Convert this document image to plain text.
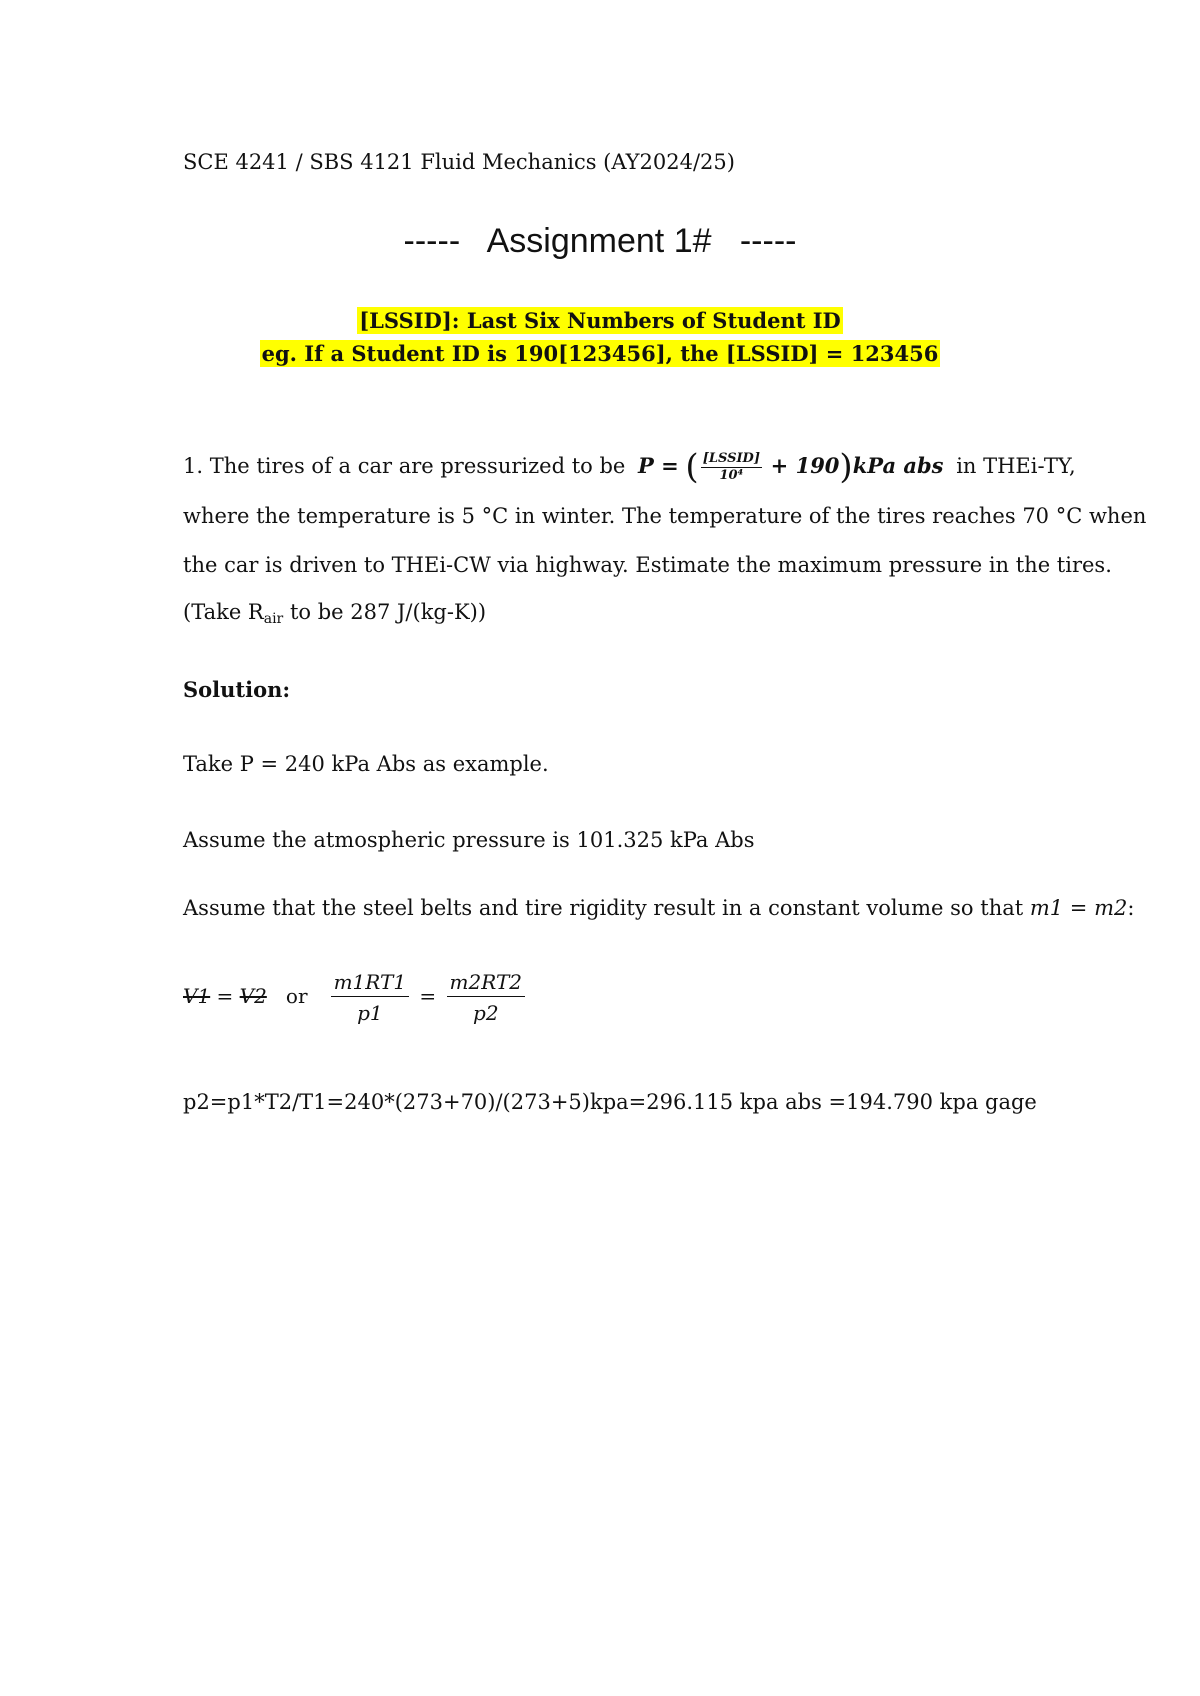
SCE 4241 / SBS 4121 Fluid Mechanics (AY2024/25)
-----   Assignment 1#   -----
[LSSID]: Last Six Numbers of Student ID
eg. If a Student ID is 190[123456], the [LSSID] = 123456
1. The tires of a car are pressurized to be P = ( $\frac{\text{[LSSID]}}{\text{10⁴}} + 190)kPa$ abs in THEi-TY,
where the temperature is 5 °C in winter. The temperature of the tires reaches 70 °C when
the car is driven to THEi-CW via highway. Estimate the maximum pressure in the tires.
(Take $R_{air}$ to be 287 J/(kg-K))
Solution:
Take P = 240 kPa Abs as example.
Assume the atmospheric pressure is 101.325 kPa Abs
Assume that the steel belts and tire rigidity result in a constant volume so that m1 = m2:
V1 = V2 or $\frac{m1RT1}{p1} = \frac{m2RT2}{p2}$
p2=p1*T2/T1=240*(273+70)/(273+5)kpa=296.115 kpa abs =194.790 kpa gage
